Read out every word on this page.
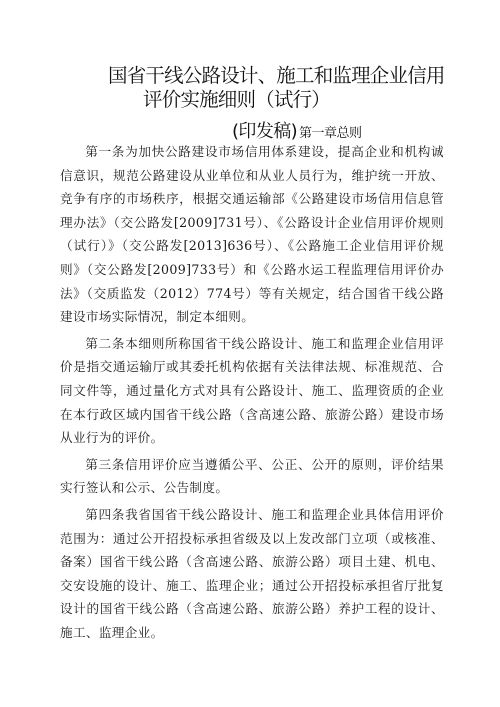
国省干线公路设计、施工和监理企业信用
评价实施细则（试行）
(印发稿) 第一章总则

第一条为加快公路建设市场信用体系建设，提高企业和机构诚信意识，规范公路建设从业单位和从业人员行为，维护统一开放、竞争有序的市场秩序，根据交通运输部《公路建设市场信用信息管理办法》（交公路发[2009]731号）、《公路设计企业信用评价规则（试行）》（交公路发[2013]636号）、《公路施工企业信用评价规则》（交公路发[2009]733号）和《公路水运工程监理信用评价办法》（交质监发（2012）774号）等有关规定，结合国省干线公路建设市场实际情况，制定本细则。

第二条本细则所称国省干线公路设计、施工和监理企业信用评价是指交通运输厅或其委托机构依据有关法律法规、标准规范、合同文件等，通过量化方式对具有公路设计、施工、监理资质的企业在本行政区域内国省干线公路（含高速公路、旅游公路）建设市场从业行为的评价。

第三条信用评价应当遵循公平、公正、公开的原则，评价结果实行签认和公示、公告制度。

第四条我省国省干线公路设计、施工和监理企业具体信用评价范围为：通过公开招投标承担省级及以上发改部门立项（或核准、备案）国省干线公路（含高速公路、旅游公路）项目土建、机电、交安设施的设计、施工、监理企业；通过公开招投标承担省厅批复设计的国省干线公路（含高速公路、旅游公路）养护工程的设计、施工、监理企业。
